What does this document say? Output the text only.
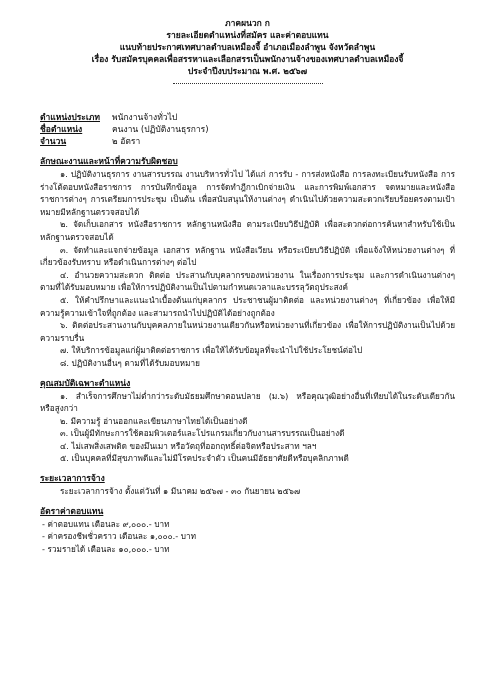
ภาคผนวก ก
รายละเอียดตำแหน่งที่สมัคร และค่าตอบแทน
แนบท้ายประกาศเทศบาลตำบลเหมืองจี้ อำเภอเมืองลำพูน จังหวัดลำพูน
เรื่อง รับสมัครบุคคลเพื่อสรรหาและเลือกสรรเป็นพนักงานจ้างของเทศบาลตำบลเหมืองจี้
ประจำปีงบประมาณ พ.ศ. ๒๕๖๗
ตำแหน่งประเภท พนักงานจ้างทั่วไป
ชื่อตำแหน่ง	คนงาน (ปฏิบัติงานธุรการ)
จำนวน	๒ อัตรา
ลักษณะงานและหน้าที่ความรับผิดชอบ
๑. ปฏิบัติงานธุรการ งานสารบรรณ งานบริหารทั่วไป ได้แก่ การรับ - การส่งหนังสือ การลงทะเบียนรับหนังสือ การร่างโต้ตอบหนังสือราชการ การบันทึกข้อมูล การจัดทำฎีกาเบิกจ่ายเงิน และการพิมพ์เอกสาร จดหมายและหนังสือราชการต่างๆ การเตรียมการประชุม เป็นต้น เพื่อสนับสนุนให้งานต่างๆ ดำเนินไปด้วยความสะดวกเรียบร้อยตรงตามเป้าหมายมีหลักฐานตรวจสอบได้
๒. จัดเก็บเอกสาร หนังสือราชการ หลักฐานหนังสือ ตามระเบียบวิธีปฏิบัติ เพื่อสะดวกต่อการค้นหาสำหรับใช้เป็นหลักฐานตรวจสอบได้
๓. จัดทำและแจกจ่ายข้อมูล เอกสาร หลักฐาน หนังสือเวียน หรือระเบียบวิธีปฏิบัติ เพื่อแจ้งให้หน่วยงานต่างๆ ที่เกี่ยวข้องรับทราบ หรือดำเนินการต่างๆ ต่อไป
๔. อำนวยความสะดวก ติดต่อ ประสานกับบุคลากรของหน่วยงาน ในเรื่องการประชุม และการดำเนินงานต่างๆ ตามที่ได้รับมอบหมาย เพื่อให้การปฏิบัติงานเป็นไปตามกำหนดเวลาและบรรลุวัตถุประสงค์
๕. ให้คำปรึกษาและแนะนำเบื้องต้นแก่บุคลากร ประชาชนผู้มาติดต่อ และหน่วยงานต่างๆ ที่เกี่ยวข้อง เพื่อให้มีความรู้ความเข้าใจที่ถูกต้อง และสามารถนำไปปฏิบัติได้อย่างถูกต้อง
๖. ติดต่อประสานงานกับบุคคลภายในหน่วยงานเดียวกันหรือหน่วยงานที่เกี่ยวข้อง เพื่อให้การปฏิบัติงานเป็นไปด้วยความราบรื่น
๗. ให้บริการข้อมูลแก่ผู้มาติดต่อราชการ เพื่อให้ได้รับข้อมูลที่จะนำไปใช้ประโยชน์ต่อไป
๘. ปฏิบัติงานอื่นๆ ตามที่ได้รับมอบหมาย
คุณสมบัติเฉพาะตำแหน่ง
๑. สำเร็จการศึกษาไม่ต่ำกว่าระดับมัธยมศึกษาตอนปลาย (ม.๖) หรือคุณวุฒิอย่างอื่นที่เทียบได้ในระดับเดียวกัน หรือสูงกว่า
๒. มีความรู้ อ่านออกและเขียนภาษาไทยได้เป็นอย่างดี
๓. เป็นผู้มีทักษะการใช้คอมพิวเตอร์และโปรแกรมเกี่ยวกับงานสารบรรณเป็นอย่างดี
๔. ไม่เสพสิ่งเสพติด ของมึนเมา หรือวัตถุที่ออกฤทธิ์ต่อจิตหรือประสาท ฯลฯ
๕. เป็นบุคคลที่มีสุขภาพดีและไม่มีโรคประจำตัว เป็นคนมีอัธยาศัยดีหรือบุคลิกภาพดี
ระยะเวลาการจ้าง
ระยะเวลาการจ้าง ตั้งแต่วันที่ ๑ มีนาคม ๒๕๖๗ - ๓๐ กันยายน ๒๕๖๗
อัตราค่าตอบแทน
- ค่าตอบแทน เดือนละ ๙,๐๐๐.- บาท
- ค่าครองชีพชั่วคราว เดือนละ ๑,๐๐๐.- บาท
- รวมรายได้ เดือนละ ๑๐,๐๐๐.- บาท
